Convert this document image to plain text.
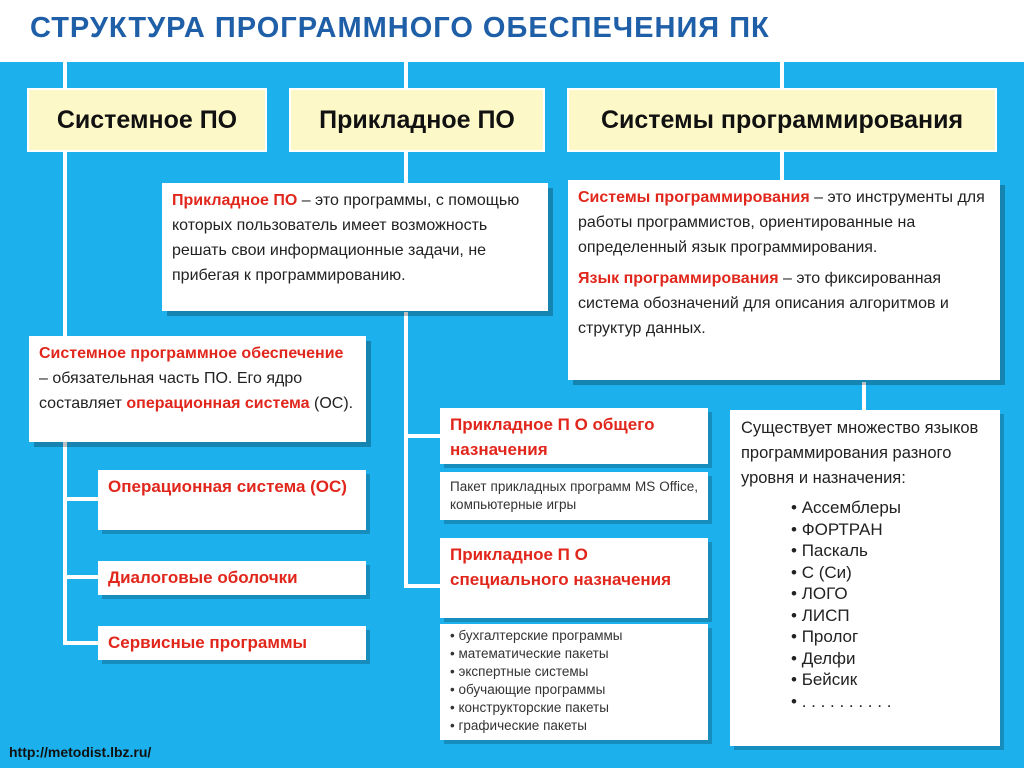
СТРУКТУРА ПРОГРАММНОГО ОБЕСПЕЧЕНИЯ ПК
Системное ПО	Прикладное ПО	Системы программирования
Прикладное ПО – это программы, с помощью которых пользователь имеет возможность решать свои информационные задачи, не прибегая к программированию.
Системы программирования – это инструменты для работы программистов, ориентированные на определенный язык программирования.
Язык программирования – это фиксированная система обозначений для описания алгоритмов и структур данных.
Системное программное обеспечение – обязательная часть ПО. Его ядро составляет операционная система (ОС).
Операционная система (ОС)
Диалоговые оболочки
Сервисные программы
Прикладное П О общего назначения
Пакет прикладных программ MS Office, компьютерные игры
Прикладное П О специального назначения
• бухгалтерские программы
• математические пакеты
• экспертные системы
• обучающие программы
• конструкторские пакеты
• графические пакеты
Существует множество языков программирования разного уровня и назначения:
• Ассемблеры
• ФОРТРАН
• Паскаль
• С (Си)
• ЛОГО
• ЛИСП
• Пролог
• Делфи
• Бейсик
• . . . . . . . . . .
http://metodist.lbz.ru/
